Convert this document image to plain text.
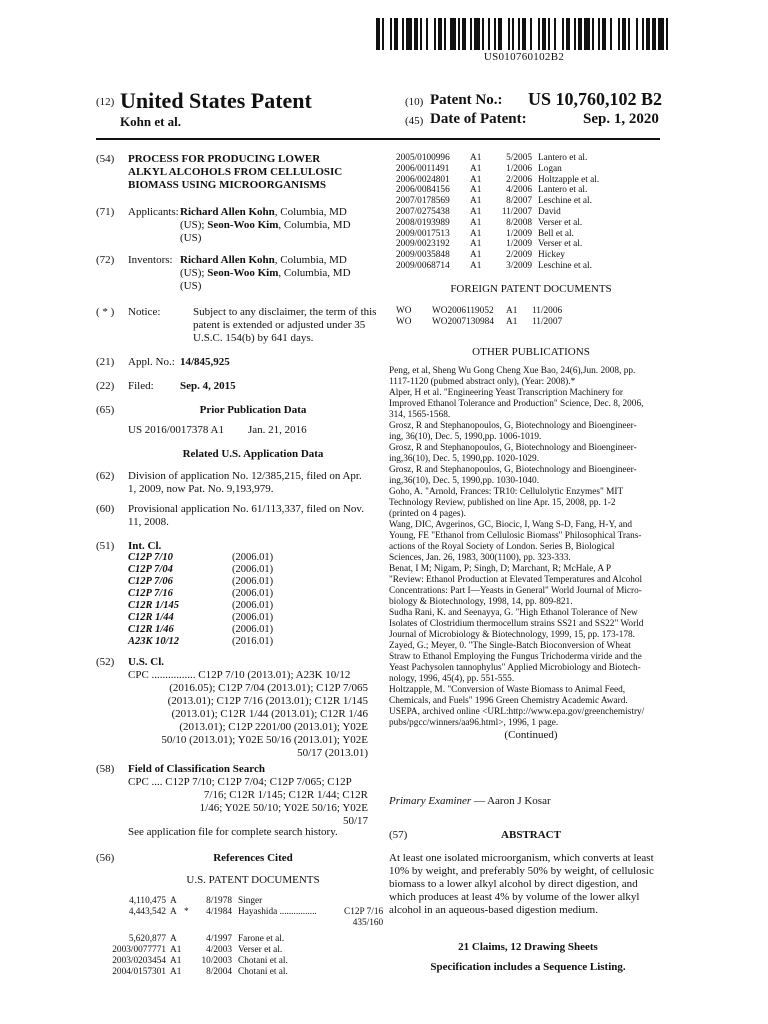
US010760102B2
(12) United States Patent
Kohn et al.
(10) Patent No.: US 10,760,102 B2
(45) Date of Patent:	Sep. 1, 2020
(54) PROCESS FOR PRODUCING LOWER
ALKYL ALCOHOLS FROM CELLULOSIC
BIOMASS USING MICROORGANISMS
(71) Applicants: Richard Allen Kohn, Columbia, MD
(US); Seon-Woo Kim, Columbia, MD
(US)
(72) Inventors: Richard Allen Kohn, Columbia, MD
(US); Seon-Woo Kim, Columbia, MD
(US)
( * ) Notice:	Subject to any disclaimer, the term of this
patent is extended or adjusted under 35
U.S.C. 154(b) by 641 days.
(21) Appl. No.: 14/845,925
(22) Filed: Sep. 4, 2015
(65)	Prior Publication Data
US 2016/0017378 A1 Jan. 21, 2016
Related U.S. Application Data
(62) Division of application No. 12/385,215, filed on Apr.
1, 2009, now Pat. No. 9,193,979.
(60) Provisional application No. 61/113,337, filed on Nov.
11, 2008.
(51) Int. Cl.
C12P 7/10	(2006.01)
C12P 7/04	(2006.01)
C12P 7/06	(2006.01)
C12P 7/16	(2006.01)
C12R 1/145	(2006.01)
C12R 1/44	(2006.01)
C12R 1/46	(2006.01)
A23K 10/12	(2016.01)
(52) U.S. Cl.
CPC ................ C12P 7/10 (2013.01); A23K 10/12
(2016.05); C12P 7/04 (2013.01); C12P 7/065
(2013.01); C12P 7/16 (2013.01); C12R 1/145
(2013.01); C12R 1/44 (2013.01); C12R 1/46
(2013.01); C12P 2201/00 (2013.01); Y02E
50/10 (2013.01); Y02E 50/16 (2013.01); Y02E
50/17 (2013.01)
(58) Field of Classification Search
CPC .... C12P 7/10; C12P 7/04; C12P 7/065; C12P
7/16; C12R 1/145; C12R 1/44; C12R
1/46; Y02E 50/10; Y02E 50/16; Y02E
50/17
See application file for complete search history.
(56)	References Cited
U.S. PATENT DOCUMENTS
4,110,475	A		8/1978	Singer	
4,443,542	A	*	4/1984	Hayashida ................	C12P 7/16
					435/160
5,620,877	A		4/1997	Farone et al.	
2003/0077771	A1		4/2003	Verser et al.	
2003/0203454	A1		10/2003	Chotani et al.	
2004/0157301	A1		8/2004	Chotani et al.	
2005/0100996	A1	5/2005	Lantero et al.
2006/0011491	A1	1/2006	Logan
2006/0024801	A1	2/2006	Holtzapple et al.
2006/0084156	A1	4/2006	Lantero et al.
2007/0178569	A1	8/2007	Leschine et al.
2007/0275438	A1	11/2007	David
2008/0193989	A1	8/2008	Verser et al.
2009/0017513	A1	1/2009	Bell et al.
2009/0023192	A1	1/2009	Verser et al.
2009/0035848	A1	2/2009	Hickey
2009/0068714	A1	3/2009	Leschine et al.
FOREIGN PATENT DOCUMENTS
WO	WO2006119052	A1	11/2006
WO	WO2007130984	A1	11/2007
OTHER PUBLICATIONS
Peng, et al, Sheng Wu Gong Cheng Xue Bao, 24(6),Jun. 2008, pp.
1117-1120 (pubmed abstract only), (Year: 2008).*
Alper, H et al. "Engineering Yeast Transcription Machinery for
Improved Ethanol Tolerance and Production" Science, Dec. 8, 2006,
314, 1565-1568.
Grosz, R and Stephanopoulos, G, Biotechnology and Bioengineer-
ing, 36(10), Dec. 5, 1990,pp. 1006-1019.
Grosz, R and Stephanopoulos, G, Biotechnology and Bioengineer-
ing,36(10), Dec. 5, 1990,pp. 1020-1029.
Grosz, R and Stephanopoulos, G, Biotechnology and Bioengineer-
ing,36(10), Dec. 5, 1990,pp. 1030-1040.
Goho, A. "Arnold, Frances: TR10: Cellulolytic Enzymes" MIT
Technology Review, published on line Apr. 15, 2008, pp. 1-2
(printed on 4 pages).
Wang, DIC, Avgerinos, GC, Biocic, I, Wang S-D, Fang, H-Y, and
Young, FE "Ethanol from Cellulosic Biomass" Philosophical Trans-
actions of the Royal Society of London. Series B, Biological
Sciences, Jan. 26, 1983, 300(1100), pp. 323-333.
Benat, I M; Nigam, P; Singh, D; Marchant, R; McHale, A P
"Review: Ethanol Production at Elevated Temperatures and Alcohol
Concentrations: Part I—Yeasts in General" World Journal of Micro-
biology & Biotechnology, 1998, 14, pp. 809-821.
Sudha Rani, K. and Seenayya, G. "High Ethanol Tolerance of New
Isolates of Clostridium thermocellum strains SS21 and SS22" World
Journal of Microbiology & Biotechnology, 1999, 15, pp. 173-178.
Zayed, G.; Meyer, 0. "The Single-Batch Bioconversion of Wheat
Straw to Ethanol Employing the Fungus Trichoderma viride and the
Yeast Pachysolen tannophylus" Applied Microbiology and Biotech-
nology, 1996, 45(4), pp. 551-555.
Holtzapple, M. "Conversion of Waste Biomass to Animal Feed,
Chemicals, and Fuels" 1996 Green Chemistry Academic Award.
USEPA, archived online <URL:http://www.epa.gov/greenchemistry/
pubs/pgcc/winners/aa96.html>, 1996, 1 page.
(Continued)
Primary Examiner — Aaron J Kosar
(57)	ABSTRACT
At least one isolated microorganism, which converts at least
10% by weight, and preferably 50% by weight, of cellulosic
biomass to a lower alkyl alcohol by direct digestion, and
which produces at least 4% by volume of the lower alkyl
alcohol in an aqueous-based digestion medium.
21 Claims, 12 Drawing Sheets
Specification includes a Sequence Listing.
